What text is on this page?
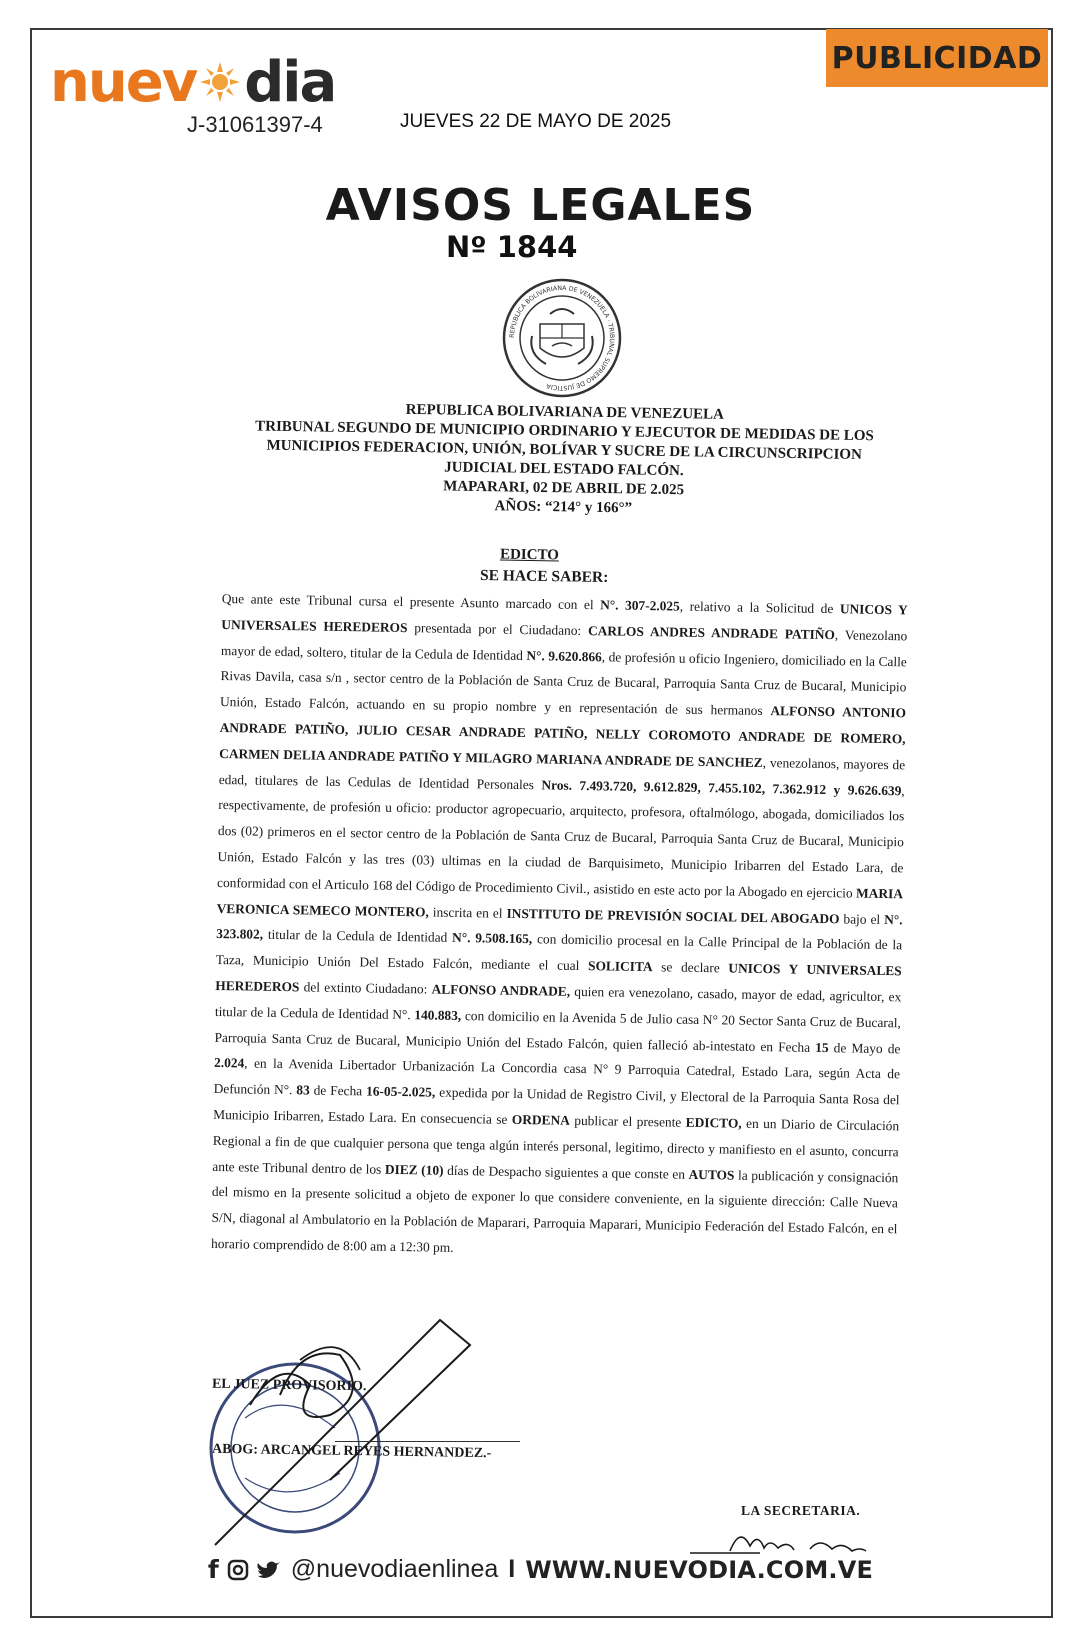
nuev dia
J-31061397-4	JUEVES 22 DE MAYO DE 2025
PUBLICIDAD
AVISOS LEGALES
Nº 1844
REPUBLICA BOLIVARIANA DE VENEZUELA · TRIBUNAL SUPREMO DE JUSTICIA
REPUBLICA BOLIVARIANA DE VENEZUELA
TRIBUNAL SEGUNDO DE MUNICIPIO ORDINARIO Y EJECUTOR DE MEDIDAS DE LOS
MUNICIPIOS FEDERACION, UNIÓN, BOLÍVAR Y SUCRE DE LA CIRCUNSCRIPCION
JUDICIAL DEL ESTADO FALCÓN.
MAPARARI, 02 DE ABRIL DE 2.025
AÑOS: “214° y 166°”
EDICTO
SE HACE SABER:
Que ante este Tribunal cursa el presente Asunto marcado con el N°. 307-2.025, relativo a la Solicitud de UNICOS Y UNIVERSALES HEREDEROS presentada por el Ciudadano: CARLOS ANDRES ANDRADE PATIÑO, Venezolano mayor de edad, soltero, titular de la Cedula de Identidad N°. 9.620.866, de profesión u oficio Ingeniero, domiciliado en la Calle Rivas Davila, casa s/n , sector centro de la Población de Santa Cruz de Bucaral, Parroquia Santa Cruz de Bucaral, Municipio Unión, Estado Falcón, actuando en su propio nombre y en representación de sus hermanos ALFONSO ANTONIO ANDRADE PATIÑO, JULIO CESAR ANDRADE PATIÑO, NELLY COROMOTO ANDRADE DE ROMERO, CARMEN DELIA ANDRADE PATIÑO Y MILAGRO MARIANA ANDRADE DE SANCHEZ, venezolanos, mayores de edad, titulares de las Cedulas de Identidad Personales Nros. 7.493.720, 9.612.829, 7.455.102, 7.362.912 y 9.626.639, respectivamente, de profesión u oficio: productor agropecuario, arquitecto, profesora, oftalmólogo, abogada, domiciliados los dos (02) primeros en el sector centro de la Población de Santa Cruz de Bucaral, Parroquia Santa Cruz de Bucaral, Municipio Unión, Estado Falcón y las tres (03) ultimas en la ciudad de Barquisimeto, Municipio Iribarren del Estado Lara, de conformidad con el Articulo 168 del Código de Procedimiento Civil., asistido en este acto por la Abogado en ejercicio MARIA VERONICA SEMECO MONTERO, inscrita en el INSTITUTO DE PREVISIÓN SOCIAL DEL ABOGADO bajo el N°. 323.802, titular de la Cedula de Identidad N°. 9.508.165, con domicilio procesal en la Calle Principal de la Población de la Taza, Municipio Unión Del Estado Falcón, mediante el cual SOLICITA se declare UNICOS Y UNIVERSALES HEREDEROS del extinto Ciudadano: ALFONSO ANDRADE, quien era venezolano, casado, mayor de edad, agricultor, ex titular de la Cedula de Identidad N°. 140.883, con domicilio en la Avenida 5 de Julio casa N° 20 Sector Santa Cruz de Bucaral, Parroquia Santa Cruz de Bucaral, Municipio Unión del Estado Falcón, quien falleció ab-intestato en Fecha 15 de Mayo de 2.024, en la Avenida Libertador Urbanización La Concordia casa N° 9 Parroquia Catedral, Estado Lara, según Acta de Defunción N°. 83 de Fecha 16-05-2.025, expedida por la Unidad de Registro Civil, y Electoral de la Parroquia Santa Rosa del Municipio Iribarren, Estado Lara. En consecuencia se ORDENA publicar el presente EDICTO, en un Diario de Circulación Regional a fin de que cualquier persona que tenga algún interés personal, legitimo, directo y manifiesto en el asunto, concurra ante este Tribunal dentro de los DIEZ (10) días de Despacho siguientes a que conste en AUTOS la publicación y consignación del mismo en la presente solicitud a objeto de exponer lo que considere conveniente, en la siguiente dirección: Calle Nueva S/N, diagonal al Ambulatorio en la Población de Maparari, Parroquia Maparari, Municipio Federación del Estado Falcón, en el horario comprendido de 8:00 am a 12:30 pm.
EL JUEZ PROVISORIO.
ABOG: ARCANGEL REYES HERNANDEZ.-
LA SECRETARIA.
f	@nuevodiaenlinea I WWW.NUEVODIA.COM.VE
